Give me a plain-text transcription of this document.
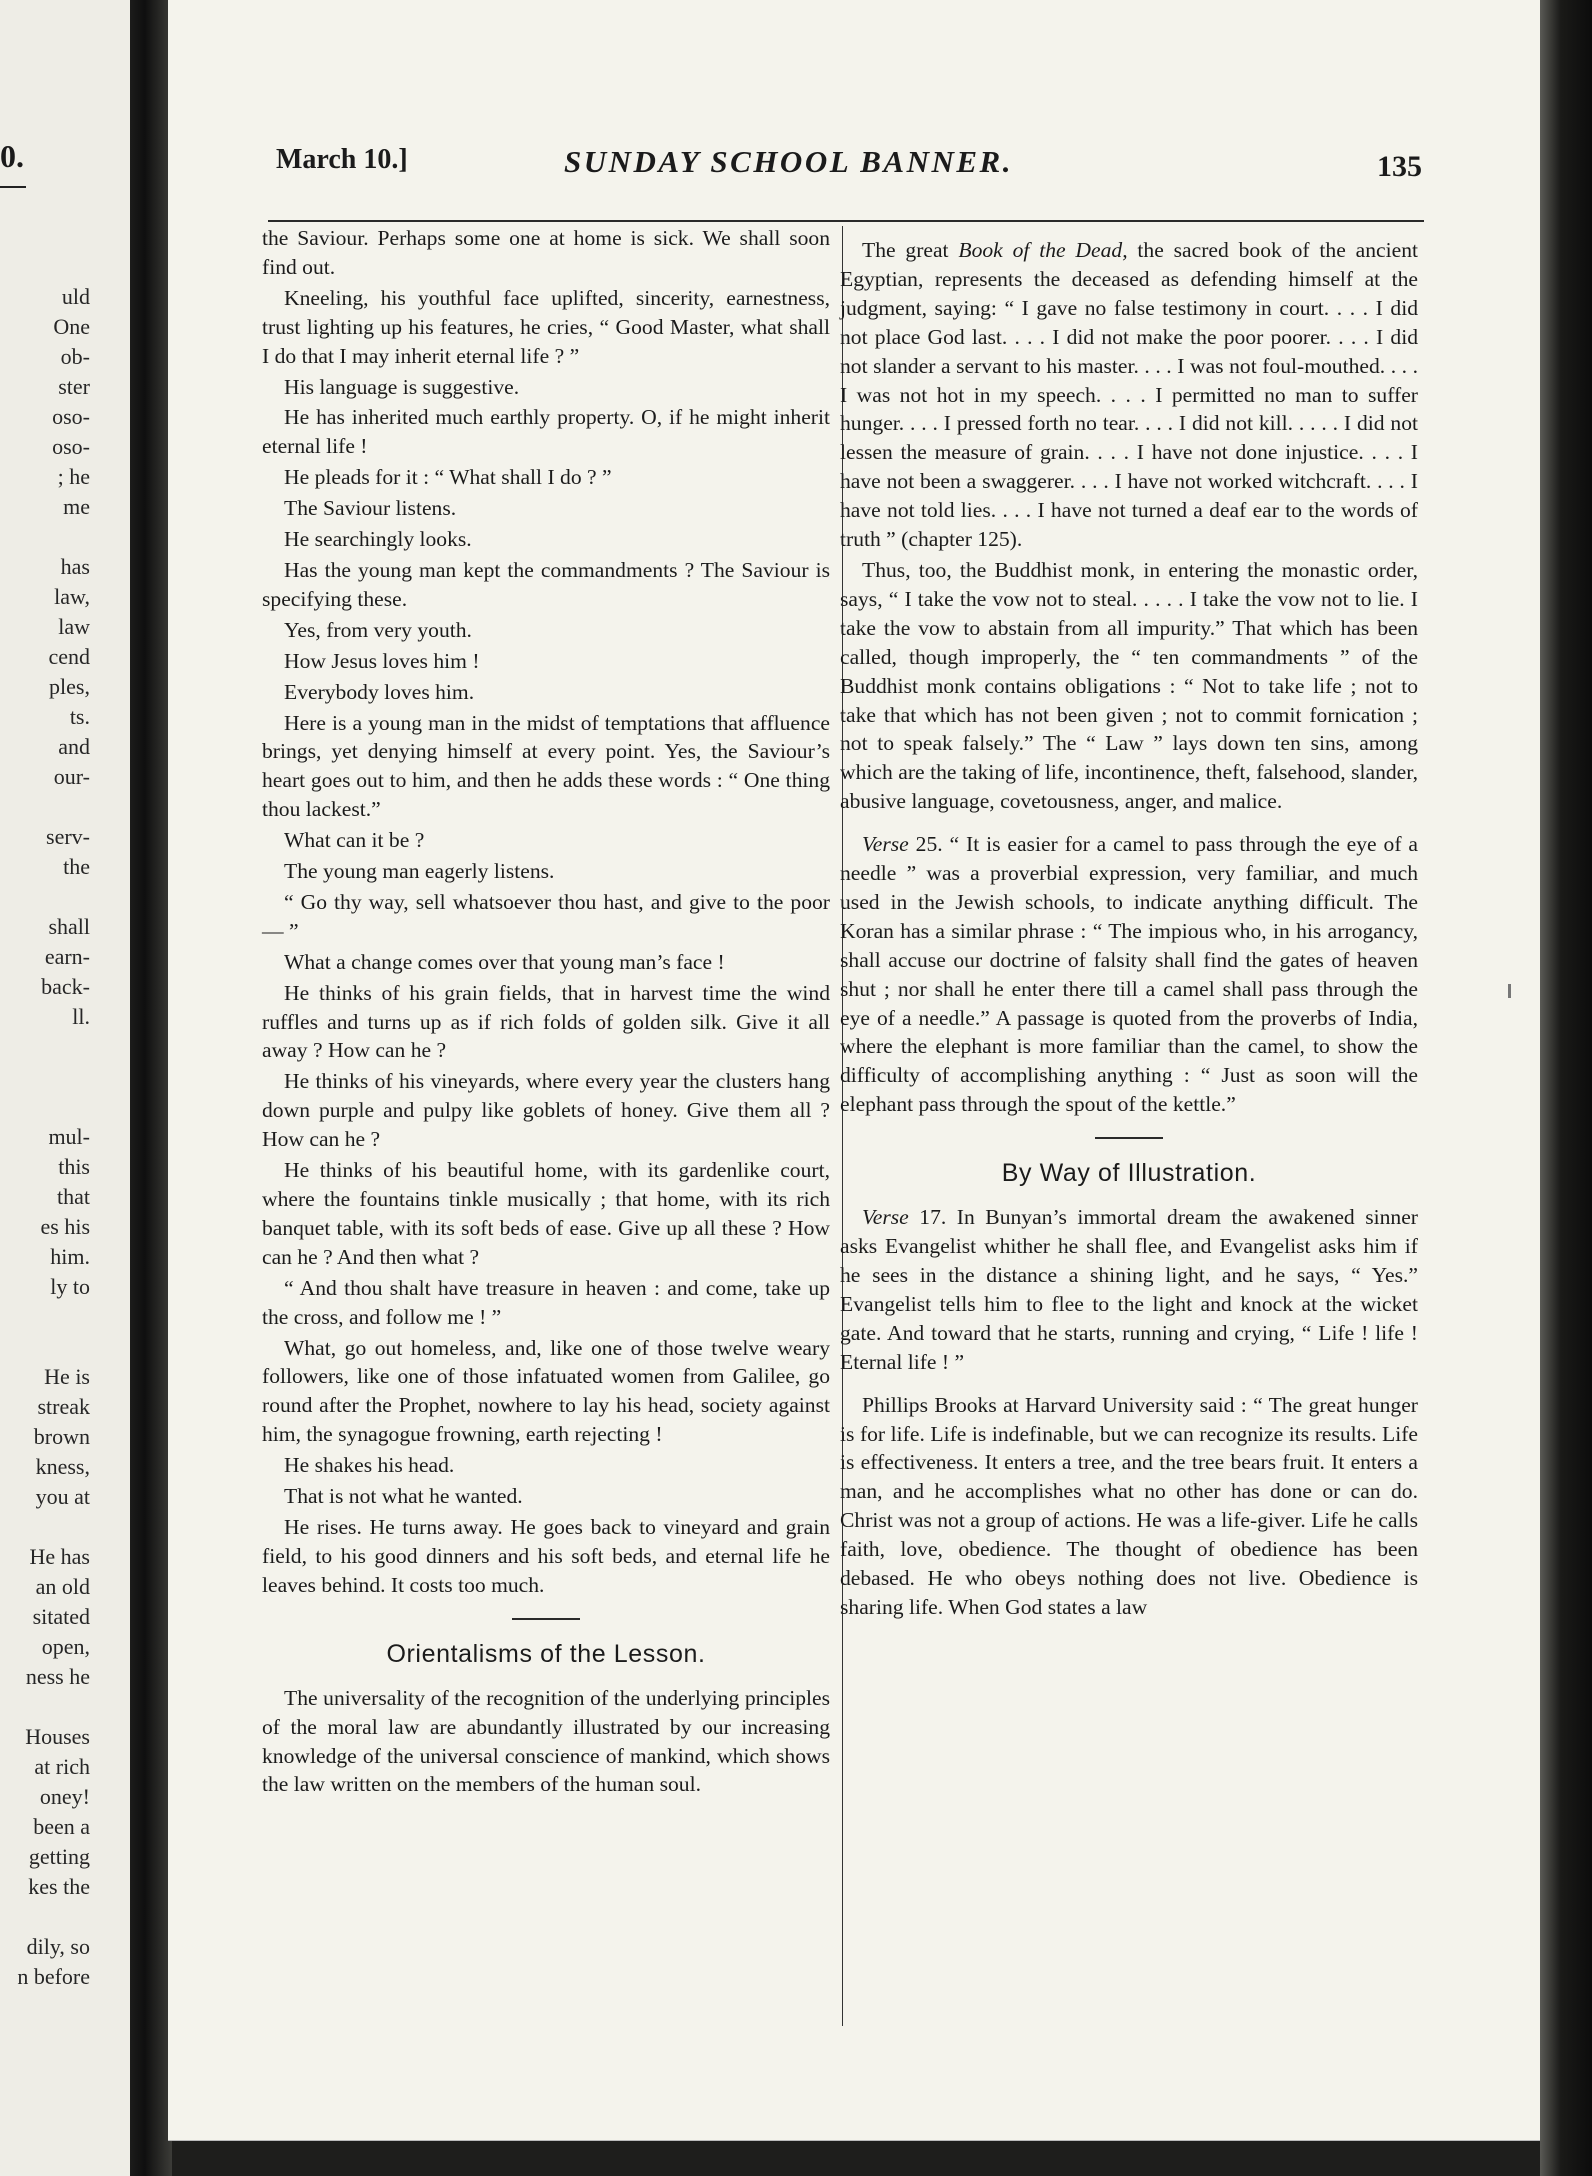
0.
uld
One
ob-
ster
oso-
oso-
; he
me
has
law,
law
cend
ples,
ts.
and
our-
serv-
the
shall
earn-
back-
ll.
mul-
this
that
es his
him.
ly to
He is
streak
brown
kness,
you at
He has
an old
sitated
open,
ness he
Houses
at rich
oney!
been a
getting
kes the
dily, so
n before
March 10.]	SUNDAY SCHOOL BANNER.	135

the Saviour. Perhaps some one at home is sick. We shall soon find out.

Kneeling, his youthful face uplifted, sincerity, earnestness, trust lighting up his features, he cries, “ Good Master, what shall I do that I may inherit eternal life ? ”

His language is suggestive.

He has inherited much earthly property. O, if he might inherit eternal life !

He pleads for it : “ What shall I do ? ”

The Saviour listens.

He searchingly looks.

Has the young man kept the commandments ? The Saviour is specifying these.

Yes, from very youth.

How Jesus loves him !

Everybody loves him.

Here is a young man in the midst of temptations that affluence brings, yet denying himself at every point. Yes, the Saviour’s heart goes out to him, and then he adds these words : “ One thing thou lackest.”

What can it be ?

The young man eagerly listens.

“ Go thy way, sell whatsoever thou hast, and give to the poor— ”

What a change comes over that young man’s face !

He thinks of his grain fields, that in harvest time the wind ruffles and turns up as if rich folds of golden silk. Give it all away ? How can he ?

He thinks of his vineyards, where every year the clusters hang down purple and pulpy like goblets of honey. Give them all ? How can he ?

He thinks of his beautiful home, with its gardenlike court, where the fountains tinkle musically ; that home, with its rich banquet table, with its soft beds of ease. Give up all these ? How can he ? And then what ?

“ And thou shalt have treasure in heaven : and come, take up the cross, and follow me ! ”

What, go out homeless, and, like one of those twelve weary followers, like one of those infatuated women from Galilee, go round after the Prophet, nowhere to lay his head, society against him, the synagogue frowning, earth rejecting !

He shakes his head.

That is not what he wanted.

He rises. He turns away. He goes back to vineyard and grain field, to his good dinners and his soft beds, and eternal life he leaves behind. It costs too much.

Orientalisms of the Lesson.

The universality of the recognition of the underlying principles of the moral law are abundantly illustrated by our increasing knowledge of the universal conscience of mankind, which shows the law written on the members of the human soul.

The great Book of the Dead, the sacred book of the ancient Egyptian, represents the deceased as defending himself at the judgment, saying: “ I gave no false testimony in court. . . . I did not place God last. . . . I did not make the poor poorer. . . . I did not slander a servant to his master. . . . I was not foul-mouthed. . . . I was not hot in my speech. . . . I permitted no man to suffer hunger. . . . I pressed forth no tear. . . . I did not kill. . . . . I did not lessen the measure of grain. . . . I have not done injustice. . . . I have not been a swaggerer. . . . I have not worked witchcraft. . . . I have not told lies. . . . I have not turned a deaf ear to the words of truth ” (chapter 125).

Thus, too, the Buddhist monk, in entering the monastic order, says, “ I take the vow not to steal. . . . . I take the vow not to lie. I take the vow to abstain from all impurity.” That which has been called, though improperly, the “ ten commandments ” of the Buddhist monk contains obligations : “ Not to take life ; not to take that which has not been given ; not to commit fornication ; not to speak falsely.” The “ Law ” lays down ten sins, among which are the taking of life, incontinence, theft, falsehood, slander, abusive language, covetousness, anger, and malice.

Verse 25. “ It is easier for a camel to pass through the eye of a needle ” was a proverbial expression, very familiar, and much used in the Jewish schools, to indicate anything difficult. The Koran has a similar phrase : “ The impious who, in his arrogancy, shall accuse our doctrine of falsity shall find the gates of heaven shut ; nor shall he enter there till a camel shall pass through the eye of a needle.” A passage is quoted from the proverbs of India, where the elephant is more familiar than the camel, to show the difficulty of accomplishing anything : “ Just as soon will the elephant pass through the spout of the kettle.”

By Way of Illustration.

Verse 17. In Bunyan’s immortal dream the awakened sinner asks Evangelist whither he shall flee, and Evangelist asks him if he sees in the distance a shining light, and he says, “ Yes.” Evangelist tells him to flee to the light and knock at the wicket gate. And toward that he starts, running and crying, “ Life ! life ! Eternal life ! ”

Phillips Brooks at Harvard University said : “ The great hunger is for life. Life is indefinable, but we can recognize its results. Life is effectiveness. It enters a tree, and the tree bears fruit. It enters a man, and he accomplishes what no other has done or can do. Christ was not a group of actions. He was a life-giver. Life he calls faith, love, obedience. The thought of obedience has been debased. He who obeys nothing does not live. Obedience is sharing life. When God states a law
